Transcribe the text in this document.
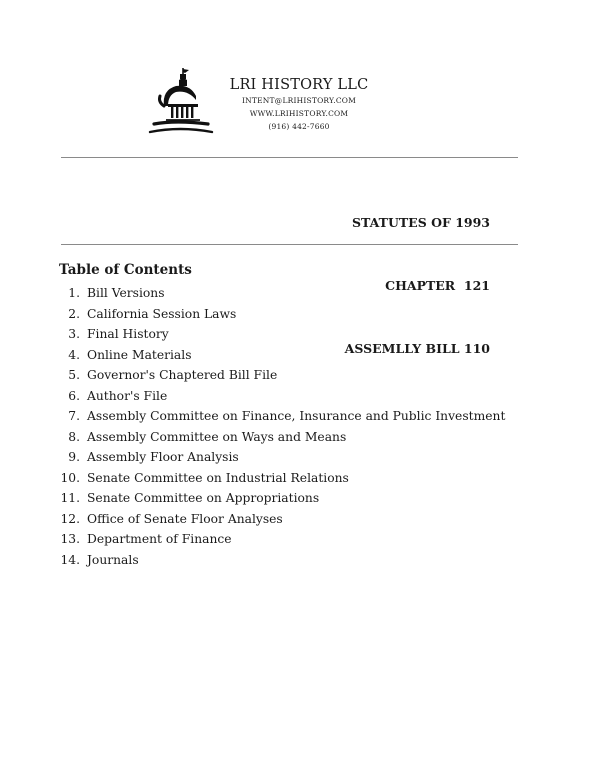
LRI HISTORY LLC
INTENT@LRIHISTORY.COM
WWW.LRIHISTORY.COM
(916) 442-7660

STATUTES OF 1993

CHAPTER  121

ASSEMLLY BILL 110

Table of Contents
1. Bill Versions
2. California Session Laws
3. Final History
4. Online Materials
5. Governor's Chaptered Bill File
6. Author's File
7. Assembly Committee on Finance, Insurance and Public Investment
8. Assembly Committee on Ways and Means
9. Assembly Floor Analysis
10. Senate Committee on Industrial Relations
11. Senate Committee on Appropriations
12. Office of Senate Floor Analyses
13. Department of Finance
14. Journals
